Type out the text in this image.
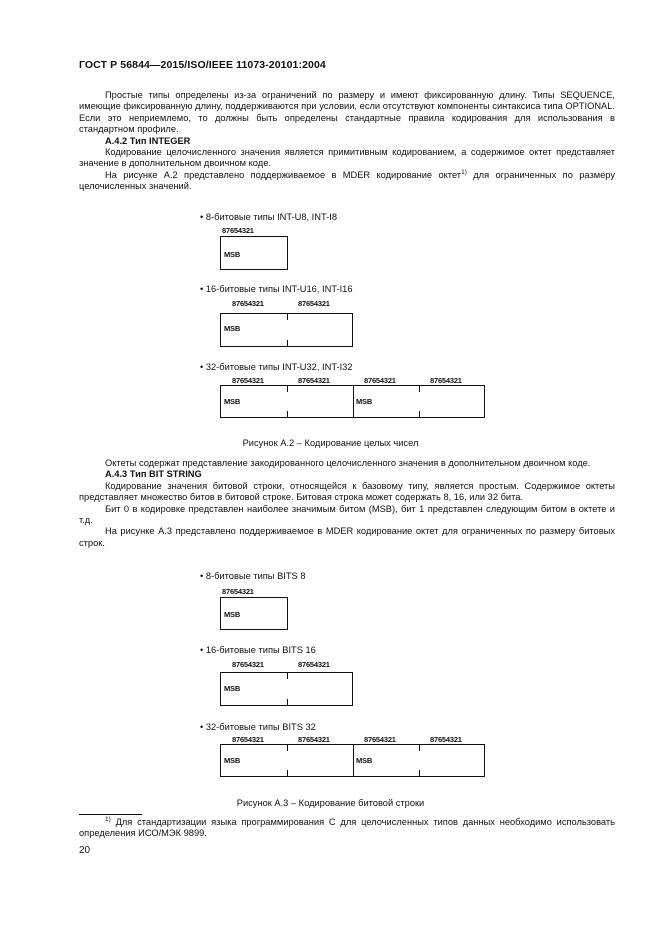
ГОСТ Р 56844—2015/ISO/IEEE 11073-20101:2004

Простые типы определены из-за ограничений по размеру и имеют фиксированную длину. Типы SEQUENCE, имеющие фиксированную длину, поддерживаются при условии, если отсутствуют компоненты синтаксиса типа OPTIONAL. Если это неприемлемо, то должны быть определены стандартные правила кодирования для использования в стандартном профиле.

А.4.2 Тип INTEGER

Кодирование целочисленного значения является примитивным кодированием, а содержимое октет представляет значение в дополнительном двоичном коде.

На рисунке А.2 представлено поддерживаемое в MDER кодирование октет$^{1)}$ для ограниченных по размеру целочисленных значений.

• 8-битовые типы INT-U8, INT-I8
87654321
MSB
• 16-битовые типы INT-U16, INT-I16
87654321	87654321
MSB
• 32-битовые типы INT-U32, INT-I32
87654321	87654321	87654321	87654321
MSB	MSB
Рисунок А.2 – Кодирование целых чисел

Октеты содержат представление закодированного целочисленного значения в дополнительном двоичном коде.

А.4.3 Тип BIT STRING

Кодирование значения битовой строки, относящейся к базовому типу, является простым. Содержимое октеты представляет множество битов в битовой строке. Битовая строка может содержать 8, 16, или 32 бита.

Бит 0 в кодировке представлен наиболее значимым битом (MSB), бит 1 представлен следующим битом в октете и т.д.

На рисунке А.3 представлено поддерживаемое в MDER кодирование октет для ограниченных по размеру битовых строк.

• 8-битовые типы BITS 8
87654321
MSB
• 16-битовые типы BITS 16
87654321	87654321
MSB
• 32-битовые типы BITS 32
87654321	87654321	87654321	87654321
MSB	MSB
Рисунок А.3 – Кодирование битовой строки
$^{1)}$ Для стандартизации языка программирования С для целочисленных типов данных необходимо использовать определения ИСО/МЭК 9899.
20
